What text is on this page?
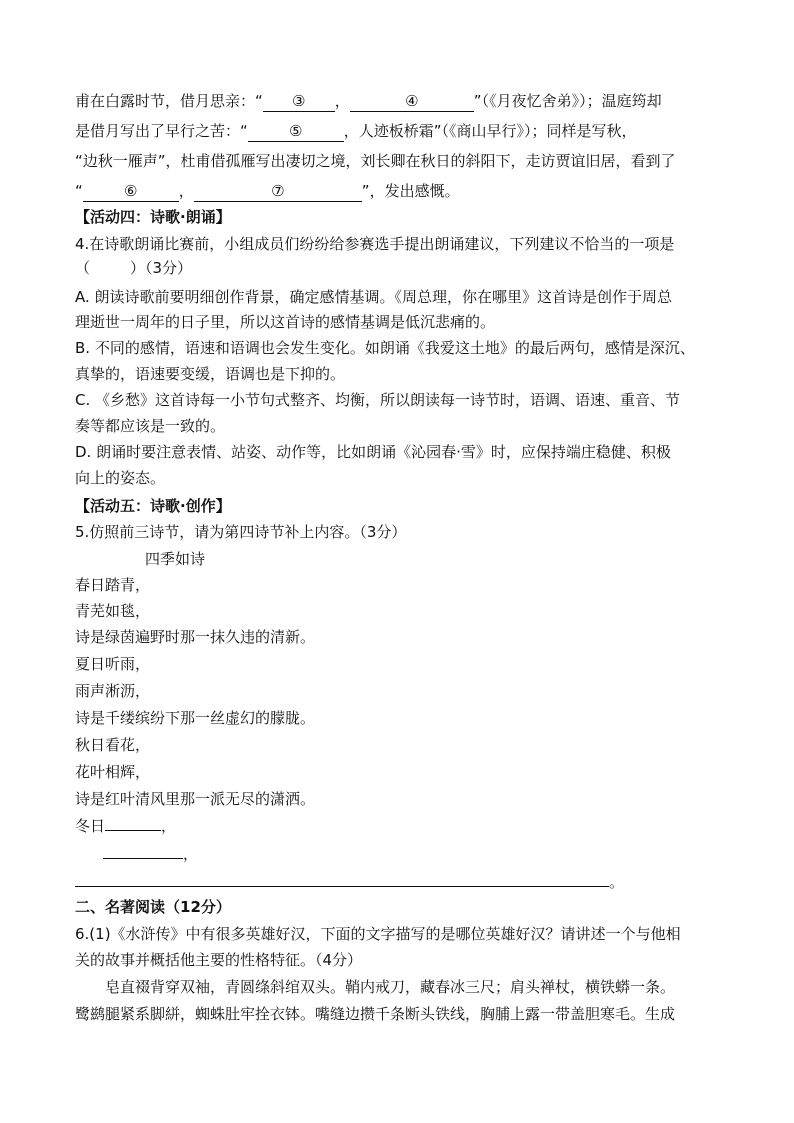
甫在白露时节，借月思亲：“ ③ ，	④	”（《月夜忆舍弟》）；温庭筠却
是借月写出了早行之苦：“	⑤	，人迹板桥霜”（《商山早行》）；同样是写秋，
“边秋一雁声”，杜甫借孤雁写出凄切之境，刘长卿在秋日的斜阳下，走访贾谊旧居，看到了
“	⑥	，	⑦	”，发出感慨。
【活动四：诗歌·朗诵】
4.在诗歌朗诵比赛前，小组成员们纷纷给参赛选手提出朗诵建议，下列建议不恰当的一项是
（	）（3分）
A. 朗读诗歌前要明细创作背景，确定感情基调。《周总理，你在哪里》这首诗是创作于周总
理逝世一周年的日子里，所以这首诗的感情基调是低沉悲痛的。
B. 不同的感情，语速和语调也会发生变化。如朗诵《我爱这土地》的最后两句，感情是深沉、
真挚的，语速要变缓，语调也是下抑的。
C. 《乡愁》这首诗每一小节句式整齐、均衡，所以朗读每一诗节时，语调、语速、重音、节
奏等都应该是一致的。
D. 朗诵时要注意表情、站姿、动作等，比如朗诵《沁园春·雪》时，应保持端庄稳健、积极
向上的姿态。
【活动五：诗歌·创作】
5.仿照前三诗节，请为第四诗节补上内容。（3分）
四季如诗
春日踏青，
青芜如毯，
诗是绿茵遍野时那一抹久违的清新。
夏日听雨，
雨声淅沥，
诗是千缕缤纷下那一丝虚幻的朦胧。
秋日看花，
花叶相辉，
诗是红叶清风里那一派无尽的潇洒。
冬日	，
，
。
二、名著阅读（12分）
6.(1)《水浒传》中有很多英雄好汉，下面的文字描写的是哪位英雄好汉？请讲述一个与他相
关的故事并概括他主要的性格特征。（4分）
皂直裰背穿双袖，青圆绦斜绾双头。鞘内戒刀，藏春冰三尺；肩头禅杖，横铁蟒一条。
鹭鹚腿紧系脚絣，蜘蛛肚牢拴衣钵。嘴缝边攒千条断头铁线，胸脯上露一带盖胆寒毛。生成
